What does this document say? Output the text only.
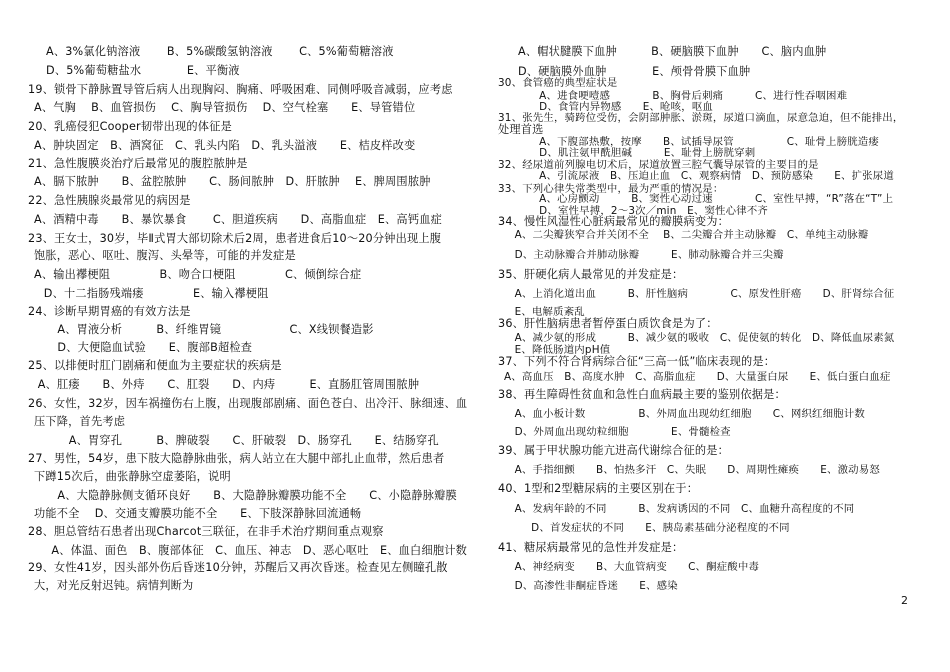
A、3%氯化钠溶液　　 B、5%碳酸氢钠溶液　　 C、5%葡萄糖溶液
D、5%葡萄糖盐水　　　　E、平衡液
19、锁骨下静脉置导管后病人出现胸闷、胸痛、呼吸困难、同侧呼吸音减弱，应考虑
A、气胸　 B、血管损伤　 C、胸导管损伤　 D、空气栓塞　　E、导管错位
20、乳癌侵犯Cooper韧带出现的体征是
A、肿块固定　B、酒窝征　C、乳头内陷　D、乳头溢液　　E、桔皮样改变
21、急性腹膜炎治疗后最常见的腹腔脓肿是
A、膈下脓肿　　B、盆腔脓肿　　C、肠间脓肿　D、肝脓肿　 E、脾周围脓肿
22、急性胰腺炎最常见的病因是
A、酒精中毒　　B、暴饮暴食　　 C、胆道疾病　　D、高脂血症　E、高钙血症
23、王女士，30岁，毕Ⅱ式胃大部切除术后2周，患者进食后10～20分钟出现上腹
饱胀，恶心、呕吐、腹泻、头晕等，可能的并发症是
A、输出襻梗阻　　　　 B、吻合口梗阻　　　　 C、倾倒综合症
D、十二指肠残端瘘　　　　 E、输入襻梗阻
24、诊断早期胃癌的有效方法是
　A、胃液分析　　　B、纤维胃镜　　　　　　C、X线钡餐造影
　D、大便隐血试验　　E、腹部B超检查
25、以排便时肛门剧痛和便血为主要症状的疾病是
A、肛瘘　　B、外痔　　C、肛裂　　D、内痔　　　E、直肠肛管周围脓肿
26、女性，32岁，因车祸撞伤右上腹，出现腹部剧痛、面色苍白、出冷汗、脉细速、血
压下降，首先考虑
　　A、胃穿孔　　　B、脾破裂　　C、肝破裂　D、肠穿孔　　E、结肠穿孔
27、男性，54岁，患下肢大隐静脉曲张，病人站立在大腿中部扎止血带，然后患者
下蹲15次后，曲张静脉空虚萎陷，说明
　A、大隐静脉侧支循环良好　　B、大隐静脉瓣膜功能不全　　C、小隐静脉瓣膜
功能不全　 D、交通支瓣膜功能不全　　E、下肢深静脉回流通畅
28、胆总管结石患者出现Charcot三联征，在非手术治疗期间重点观察
　A、体温、面色　B、腹部体征　C、血压、神志　D、恶心呕吐　E、血白细胞计数
29、女性41岁，因头部外伤后昏迷10分钟，苏醒后又再次昏迷。检查见左侧瞳孔散
大，对光反射迟钝。病情判断为
A、帽状腱膜下血肿　　　B、硬脑膜下血肿　　C、脑内血肿
D、硬脑膜外血肿　　　　E、颅骨骨膜下血肿
30、食管癌的典型症状是
　　A、进食哽噎感　　　　B、胸骨后刺痛　　　C、进行性吞咽困难
　　D、食管内异物感　　E、呛咳，呕血
31、张先生，骑跨位受伤，会阴部肿胀、淤斑，尿道口滴血，尿意急迫，但不能排出，
处理首选
　　A、下腹部热敷，按摩　　B、试插导尿管　　　　　C、耻骨上膀胱造瘘
　　D、肌注氨甲酰胆碱　　　E、耻骨上膀胱穿刺
32、经尿道前列腺电切术后，尿道放置三腔气囊导尿管的主要目的是
　　A、引流尿液　B、压迫止血　C、观察病情　D、预防感染　　E、扩张尿道
33、下列心律失常类型中，最为严重的情况是：
　　A、心房颤动　　　B、窦性心动过速　　　　C、室性早搏，“R”落在“T”上
　　D、室性早搏，2～3次／min　E、窦性心律不齐
34、慢性风湿性心脏病最常见的瓣膜病变为：
　A、二尖瓣狭窄合并关闭不全　 B、二尖瓣合并主动脉瓣　C、单纯主动脉瓣
　D、主动脉瓣合并肺动脉瓣　　　E、肺动脉瓣合并三尖瓣
35、肝硬化病人最常见的并发症是：
　A、上消化道出血　　　B、肝性脑病　　　　C、原发性肝癌　　D、肝肾综合征
　E、电解质紊乱
36、肝性脑病患者暂停蛋白质饮食是为了：
　A、减少氨的形成　　　B、减少氨的吸收　C、促使氨的转化　D、降低血尿素氮
　E、降低肠道内pH值
37、下列不符合肾病综合征“三高一低”临床表现的是：
A、高血压　B、高度水肿　C、高脂血症　　D、大量蛋白尿　　E、低白蛋白血症
38、再生障碍性贫血和急性白血病最主要的鉴别依据是：
　A、血小板计数　　　　　B、外周血出现幼红细胞　　C、网织红细胞计数
　D、外周血出现幼粒细胞　　　　E、骨髓检查
39、属于甲状腺功能亢进高代谢综合征的是：
　A、手指细颤　　B、怕热多汗　C、失眠　　D、周期性瘫痪　　E、激动易怒
40、1型和2型糖尿病的主要区别在于：
　A、发病年龄的不同　　　B、发病诱因的不同　C、血糖升高程度的不同
　　D、首发症状的不同　　E、胰岛素基础分泌程度的不同
41、糖尿病最常见的急性并发症是：
　A、神经病变　　B、大血管病变　　C、酮症酸中毒
　D、高渗性非酮症昏迷　　E、感染
2
